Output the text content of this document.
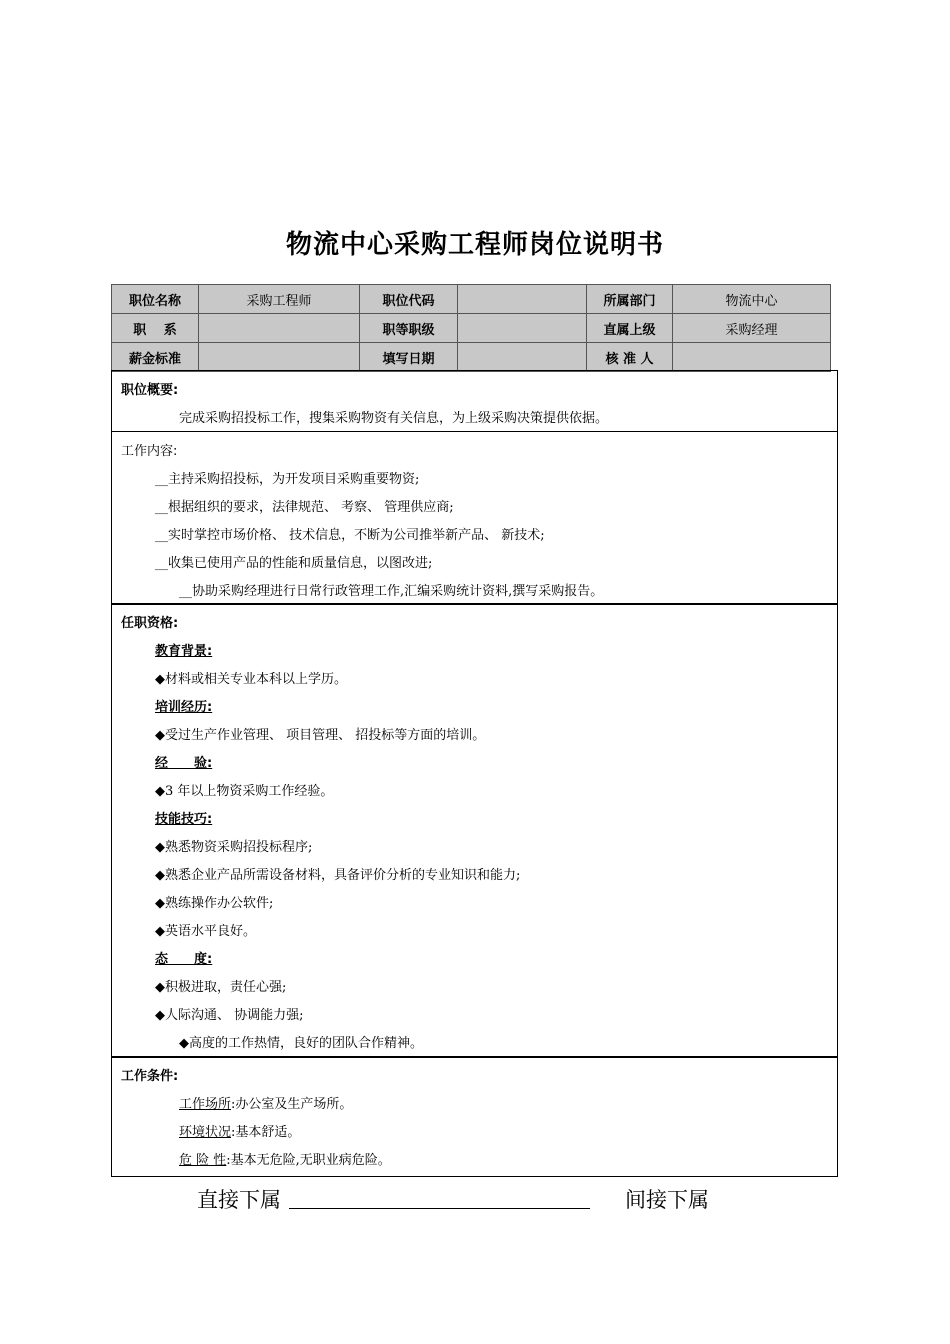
物流中心采购工程师岗位说明书
职位名称	采购工程师	职位代码		所属部门	物流中心
职　 系		职等职级		直属上级	采购经理
薪金标准		填写日期		核 准 人	
职位概要:
完成采购招投标工作，搜集采购物资有关信息，为上级采购决策提供依据。
工作内容:
__主持采购招投标，为开发项目采购重要物资;
__根据组织的要求，法律规范、 考察、 管理供应商;
__实时掌控市场价格、 技术信息，不断为公司推举新产品、 新技术;
__收集已使用产品的性能和质量信息，以图改进;
__协助采购经理进行日常行政管理工作,汇编采购统计资料,撰写采购报告。
任职资格:
教育背景:
◆材料或相关专业本科以上学历。
培训经历:
◆受过生产作业管理、 项目管理、 招投标等方面的培训。
经　　验:
◆3 年以上物资采购工作经验。
技能技巧:
◆熟悉物资采购招投标程序;
◆熟悉企业产品所需设备材料，具备评价分析的专业知识和能力;
◆熟练操作办公软件;
◆英语水平良好。
态　　度:
◆积极进取，责任心强;
◆人际沟通、 协调能力强;
◆高度的工作热情，良好的团队合作精神。
工作条件:
工作场所:办公室及生产场所。
环境状况:基本舒适。
危 险 性:基本无危险,无职业病危险。
直接下属	间接下属
